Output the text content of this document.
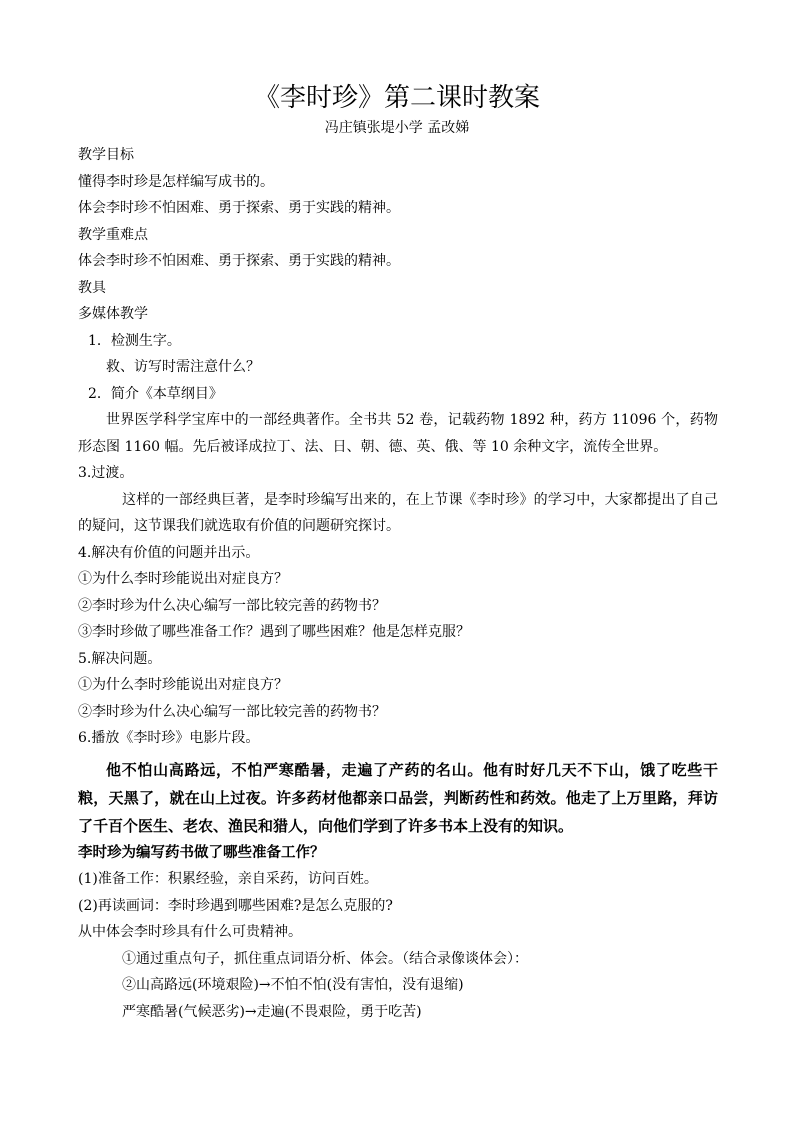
《李时珍》第二课时教案
冯庄镇张堤小学 孟改娣
教学目标
懂得李时珍是怎样编写成书的。
体会李时珍不怕困难、勇于探索、勇于实践的精神。
教学重难点
体会李时珍不怕困难、勇于探索、勇于实践的精神。
教具
多媒体教学
1．检测生字。
救、访写时需注意什么？
2．简介《本草纲目》
世界医学科学宝库中的一部经典著作。全书共 52 卷，记载药物 1892 种，药方 11096 个，药物形态图 1160 幅。先后被译成拉丁、法、日、朝、德、英、俄、等 10 余种文字，流传全世界。
3.过渡。
这样的一部经典巨著，是李时珍编写出来的，在上节课《李时珍》的学习中，大家都提出了自己的疑问，这节课我们就选取有价值的问题研究探讨。
4.解决有价值的问题并出示。
①为什么李时珍能说出对症良方？
②李时珍为什么决心编写一部比较完善的药物书？
③李时珍做了哪些准备工作？遇到了哪些困难？他是怎样克服？
5.解决问题。
①为什么李时珍能说出对症良方？
②李时珍为什么决心编写一部比较完善的药物书？
6.播放《李时珍》电影片段。
他不怕山高路远，不怕严寒酷暑，走遍了产药的名山。他有时好几天不下山，饿了吃些干粮，天黑了，就在山上过夜。许多药材他都亲口品尝，判断药性和药效。他走了上万里路，拜访了千百个医生、老农、渔民和猎人，向他们学到了许多书本上没有的知识。
李时珍为编写药书做了哪些准备工作？
(1)准备工作：积累经验，亲自采药，访问百姓。
(2)再读画词：李时珍遇到哪些困难?是怎么克服的?
从中体会李时珍具有什么可贵精神。
①通过重点句子，抓住重点词语分析、体会。（结合录像谈体会）：
②山高路远(环境艰险)→不怕不怕(没有害怕，没有退缩)
严寒酷暑(气候恶劣)→走遍(不畏艰险，勇于吃苦)
